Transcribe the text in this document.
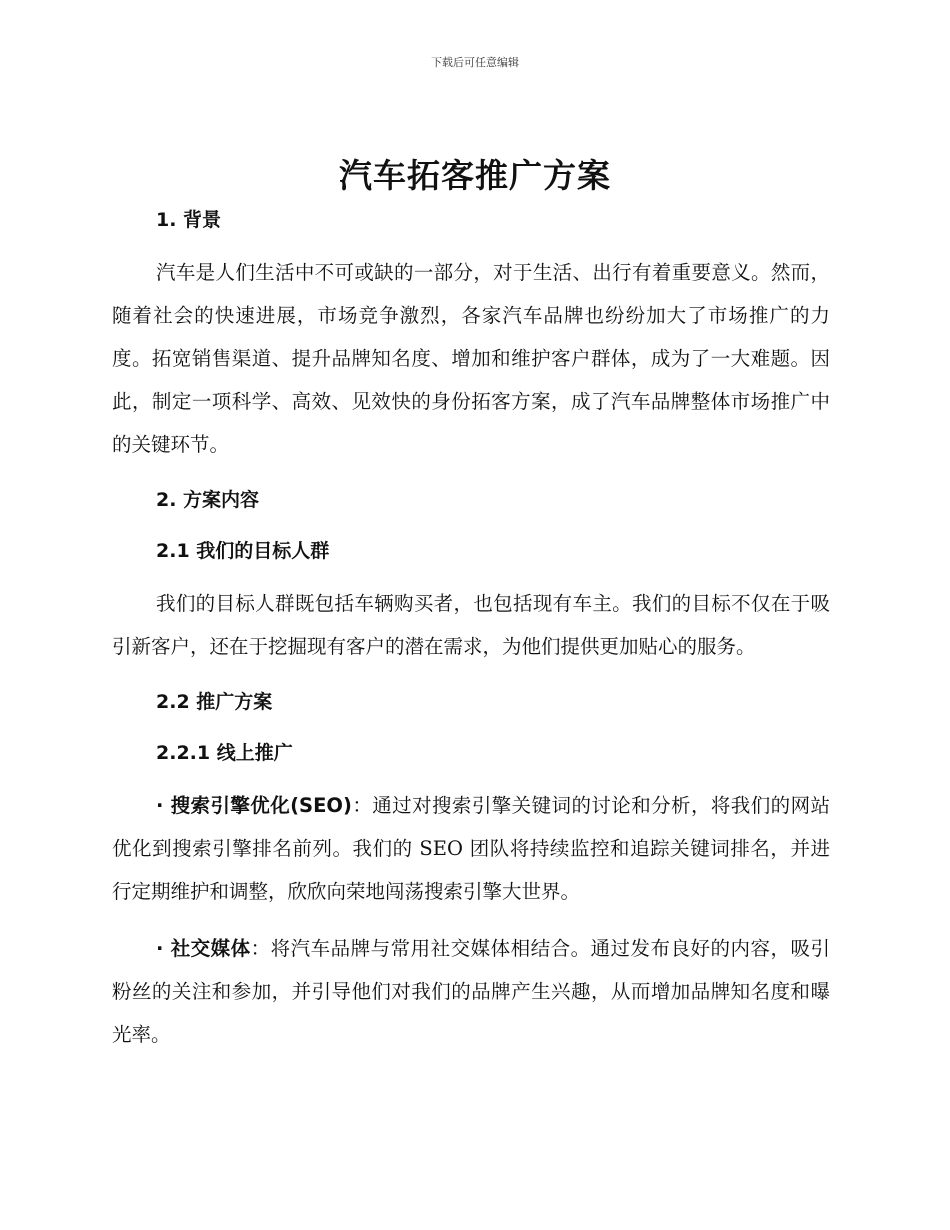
下载后可任意编辑
汽车拓客推广方案

1. 背景

汽车是人们生活中不可或缺的一部分，对于生活、出行有着重要意义。然而，随着社会的快速进展，市场竞争激烈，各家汽车品牌也纷纷加大了市场推广的力度。拓宽销售渠道、提升品牌知名度、增加和维护客户群体，成为了一大难题。因此，制定一项科学、高效、见效快的身份拓客方案，成了汽车品牌整体市场推广中的关键环节。

2. 方案内容

2.1 我们的目标人群

我们的目标人群既包括车辆购买者，也包括现有车主。我们的目标不仅在于吸引新客户，还在于挖掘现有客户的潜在需求，为他们提供更加贴心的服务。

2.2 推广方案

2.2.1 线上推广

· 搜索引擎优化(SEO)：通过对搜索引擎关键词的讨论和分析，将我们的网站优化到搜索引擎排名前列。我们的 SEO 团队将持续监控和追踪关键词排名，并进行定期维护和调整，欣欣向荣地闯荡搜索引擎大世界。

· 社交媒体：将汽车品牌与常用社交媒体相结合。通过发布良好的内容，吸引粉丝的关注和参加，并引导他们对我们的品牌产生兴趣，从而增加品牌知名度和曝光率。
